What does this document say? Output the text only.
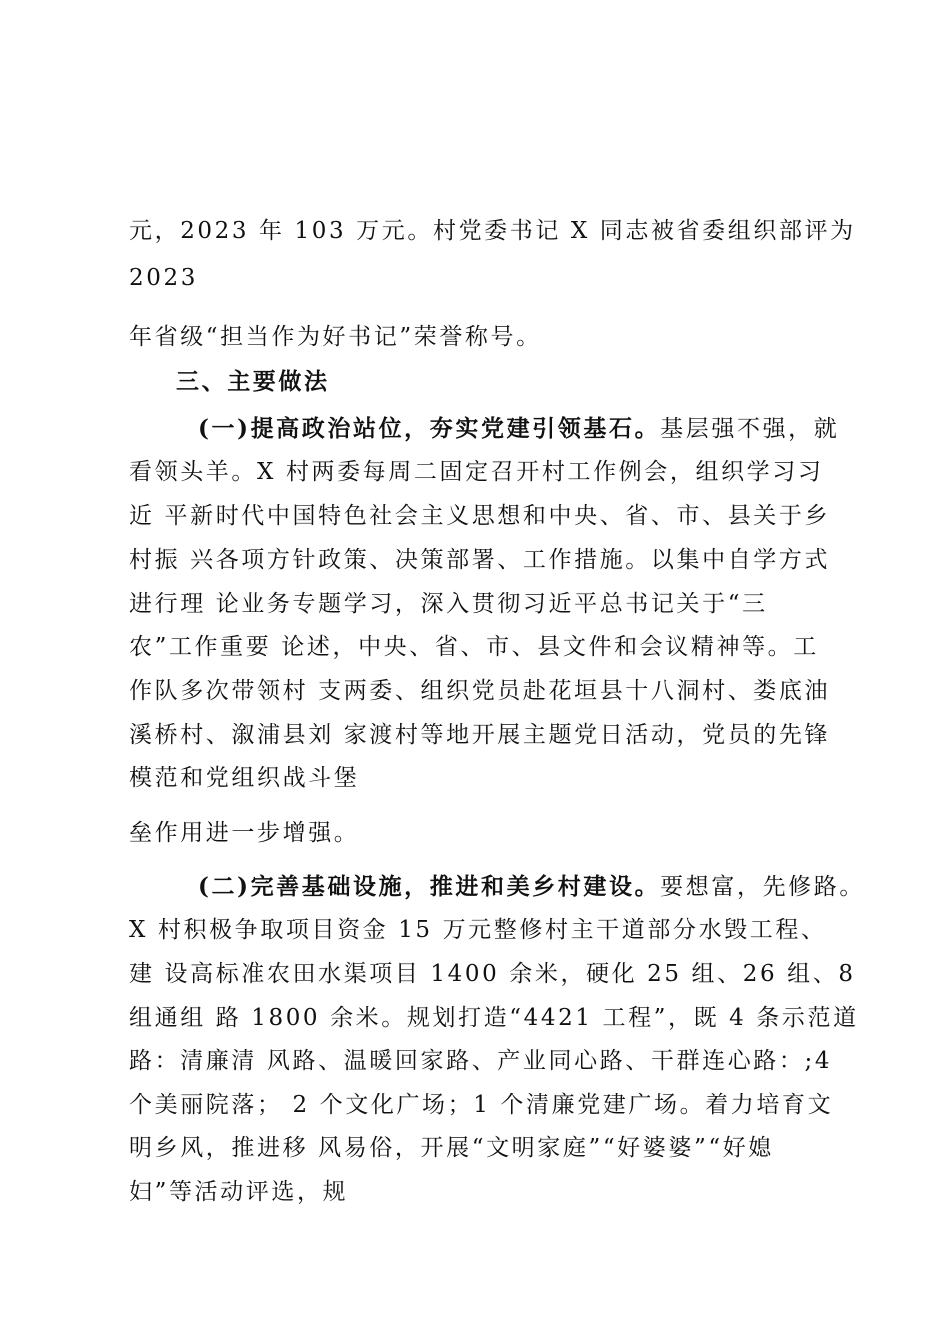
元，2023 年 103 万元。村党委书记 X 同志被省委组织部评为
2023
年省级“担当作为好书记”荣誉称号。
三、主要做法
(一)提高政治站位，夯实党建引领基石。基层强不强，就
看领头羊。X 村两委每周二固定召开村工作例会，组织学习习
近 平新时代中国特色社会主义思想和中央、省、市、县关于乡
村振 兴各项方针政策、决策部署、工作措施。以集中自学方式
进行理 论业务专题学习，深入贯彻习近平总书记关于“三
农”工作重要 论述，中央、省、市、县文件和会议精神等。工
作队多次带领村 支两委、组织党员赴花垣县十八洞村、娄底油
溪桥村、溆浦县刘 家渡村等地开展主题党日活动，党员的先锋
模范和党组织战斗堡
垒作用进一步增强。
(二)完善基础设施，推进和美乡村建设。要想富，先修路。
X 村积极争取项目资金 15 万元整修村主干道部分水毁工程、
建 设高标准农田水渠项目 1400 余米，硬化 25 组、26 组、8
组通组 路 1800 余米。规划打造“4421 工程”，既 4 条示范道
路：清廉清 风路、温暖回家路、产业同心路、干群连心路：;4
个美丽院落； 2 个文化广场；1 个清廉党建广场。着力培育文
明乡风，推进移 风易俗，开展“文明家庭”“好婆婆”“好媳
妇”等活动评选，规
